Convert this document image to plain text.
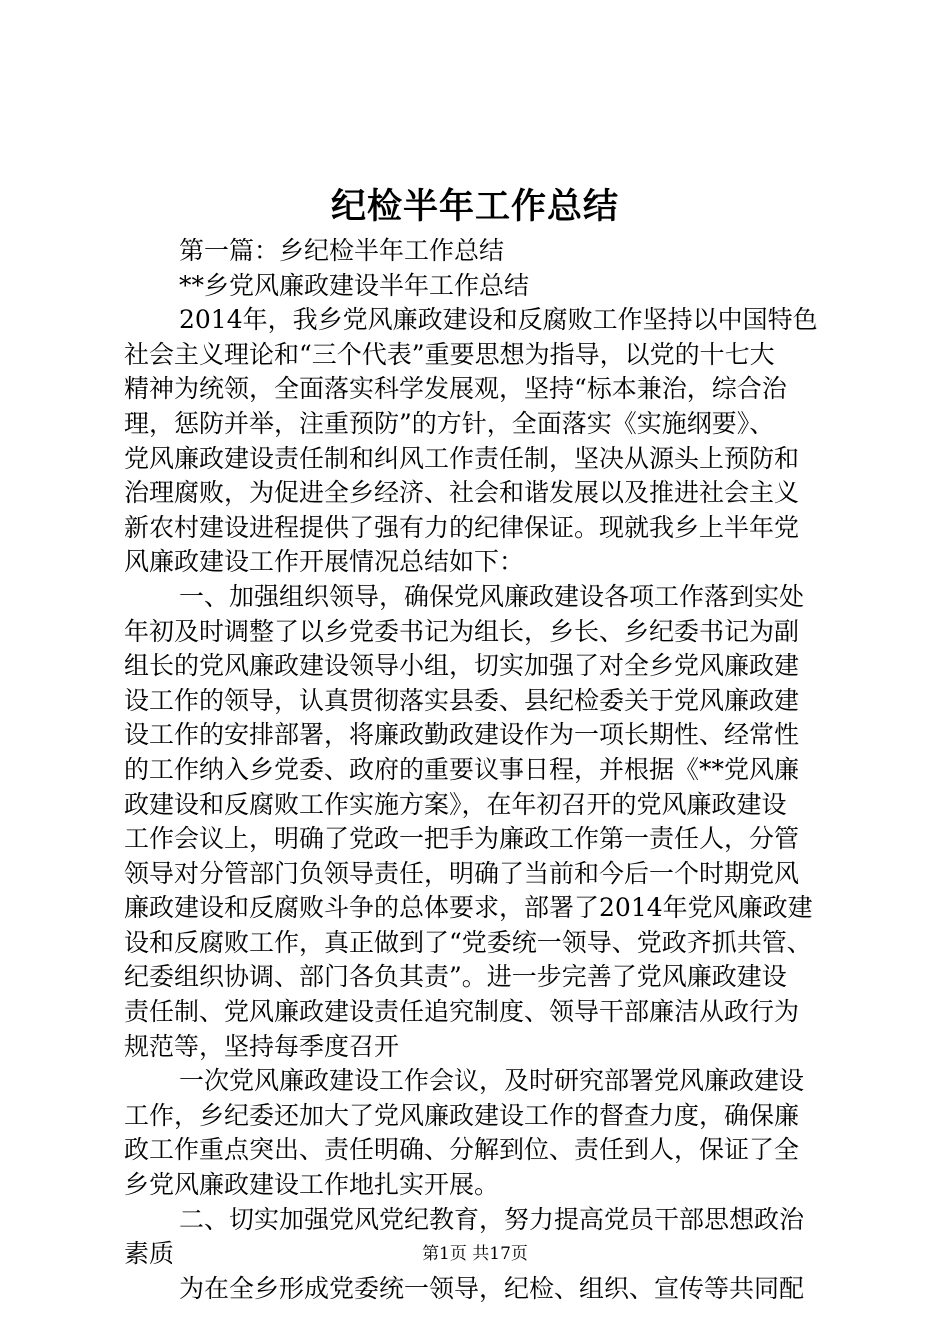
纪检半年工作总结
第一篇：乡纪检半年工作总结
**乡党风廉政建设半年工作总结
2014年，我乡党风廉政建设和反腐败工作坚持以中国特色
社会主义理论和“三个代表”重要思想为指导，以党的十七大
精神为统领，全面落实科学发展观，坚持“标本兼治，综合治
理，惩防并举，注重预防”的方针，全面落实《实施纲要》、
党风廉政建设责任制和纠风工作责任制，坚决从源头上预防和
治理腐败，为促进全乡经济、社会和谐发展以及推进社会主义
新农村建设进程提供了强有力的纪律保证。现就我乡上半年党
风廉政建设工作开展情况总结如下：
一、加强组织领导，确保党风廉政建设各项工作落到实处
年初及时调整了以乡党委书记为组长，乡长、乡纪委书记为副
组长的党风廉政建设领导小组，切实加强了对全乡党风廉政建
设工作的领导，认真贯彻落实县委、县纪检委关于党风廉政建
设工作的安排部署，将廉政勤政建设作为一项长期性、经常性
的工作纳入乡党委、政府的重要议事日程，并根据《**党风廉
政建设和反腐败工作实施方案》，在年初召开的党风廉政建设
工作会议上，明确了党政一把手为廉政工作第一责任人，分管
领导对分管部门负领导责任，明确了当前和今后一个时期党风
廉政建设和反腐败斗争的总体要求，部署了2014年党风廉政建
设和反腐败工作，真正做到了“党委统一领导、党政齐抓共管、
纪委组织协调、部门各负其责”。进一步完善了党风廉政建设
责任制、党风廉政建设责任追究制度、领导干部廉洁从政行为
规范等，坚持每季度召开
一次党风廉政建设工作会议，及时研究部署党风廉政建设
工作，乡纪委还加大了党风廉政建设工作的督查力度，确保廉
政工作重点突出、责任明确、分解到位、责任到人，保证了全
乡党风廉政建设工作地扎实开展。
二、切实加强党风党纪教育，努力提高党员干部思想政治
素质
为在全乡形成党委统一领导，纪检、组织、宣传等共同配
第1页 共17页
